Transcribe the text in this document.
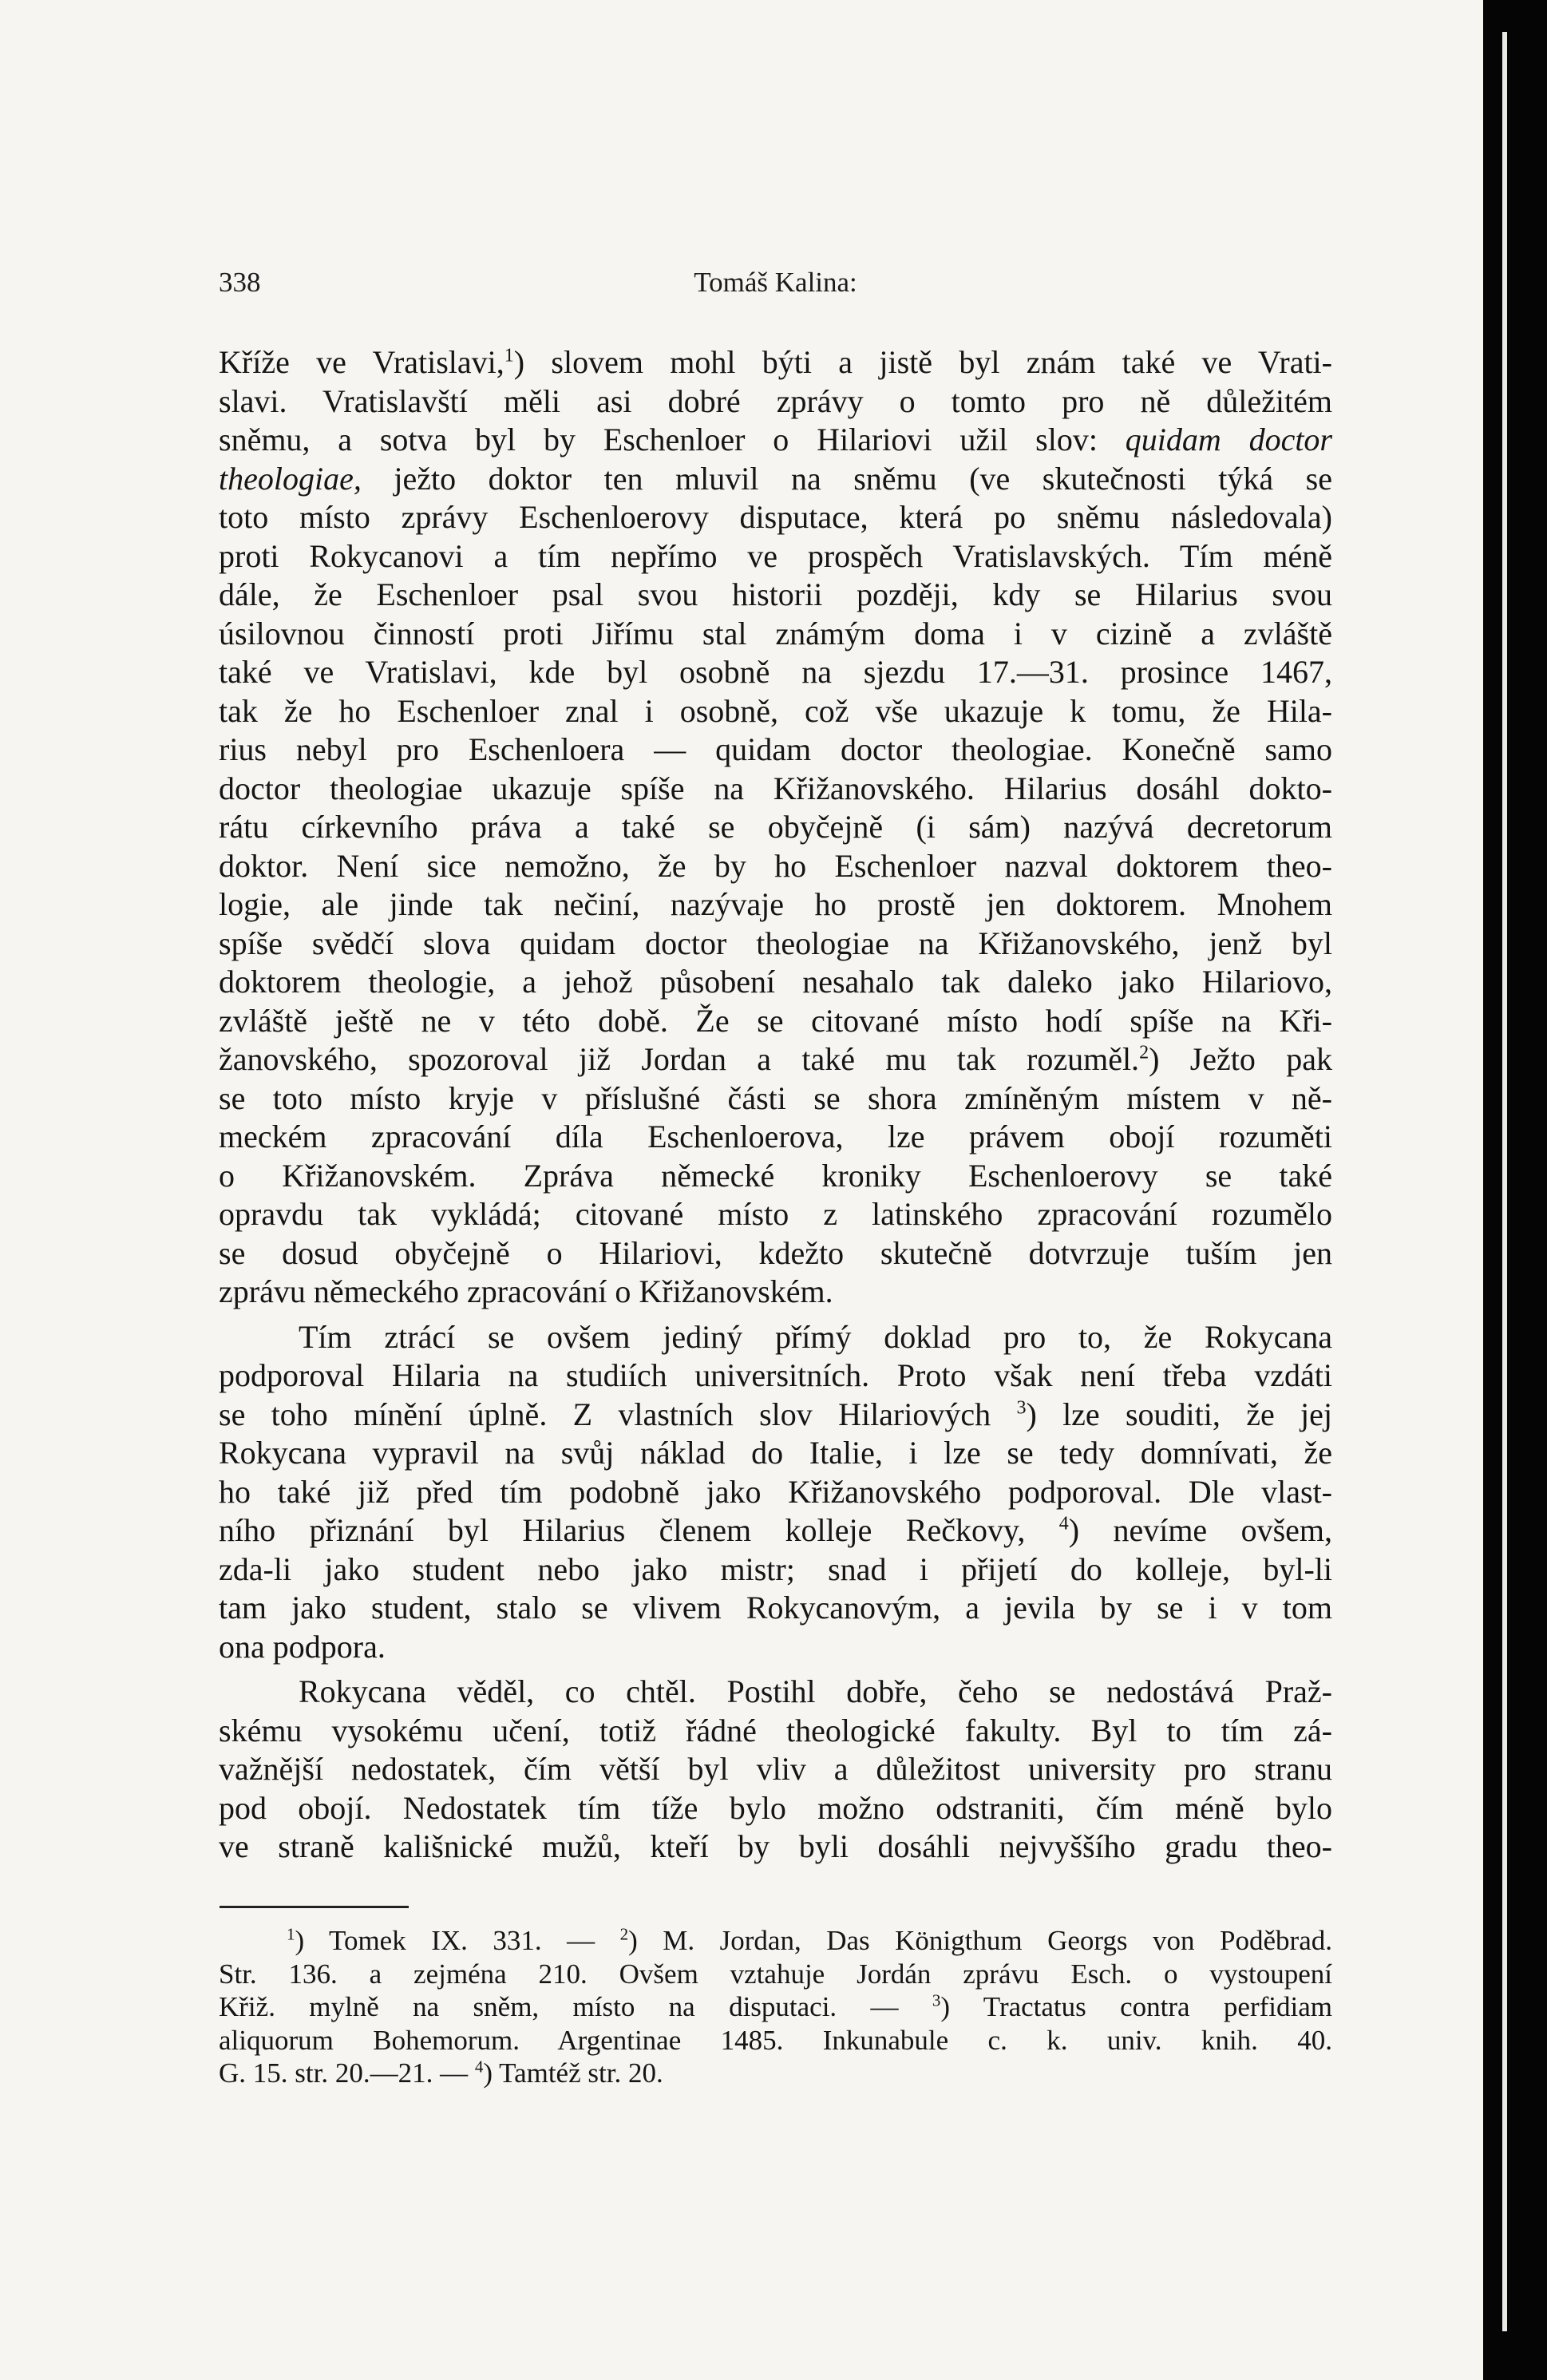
338	Tomáš Kalina:
Kříže ve Vratislavi,$^1$) slovem mohl býti a jistě byl znám také ve Vrati-
slavi. Vratislavští měli asi dobré zprávy o tomto pro ně důležitém
sněmu, a sotva byl by Eschenloer o Hilariovi užil slov: quidam doctor
theologiae, ježto doktor ten mluvil na sněmu (ve skutečnosti týká se
toto místo zprávy Eschenloerovy disputace, která po sněmu následovala)
proti Rokycanovi a tím nepřímo ve prospěch Vratislavských. Tím méně
dále, že Eschenloer psal svou historii později, kdy se Hilarius svou
úsilovnou činností proti Jiřímu stal známým doma i v cizině a zvláště
také ve Vratislavi, kde byl osobně na sjezdu 17.—31. prosince 1467,
tak že ho Eschenloer znal i osobně, což vše ukazuje k tomu, že Hila-
rius nebyl pro Eschenloera — quidam doctor theologiae. Konečně samo
doctor theologiae ukazuje spíše na Křižanovského. Hilarius dosáhl dokto-
rátu církevního práva a také se obyčejně (i sám) nazývá decretorum
doktor. Není sice nemožno, že by ho Eschenloer nazval doktorem theo-
logie, ale jinde tak nečiní, nazývaje ho prostě jen doktorem. Mnohem
spíše svědčí slova quidam doctor theologiae na Křižanovského, jenž byl
doktorem theologie, a jehož působení nesahalo tak daleko jako Hilariovo,
zvláště ještě ne v této době. Že se citované místo hodí spíše na Kři-
žanovského, spozoroval již Jordan a také mu tak rozuměl.$^2$) Ježto pak
se toto místo kryje v příslušné části se shora zmíněným místem v ně-
meckém zpracování díla Eschenloerova, lze právem obojí rozuměti
o Křižanovském. Zpráva německé kroniky Eschenloerovy se také
opravdu tak vykládá; citované místo z latinského zpracování rozumělo
se dosud obyčejně o Hilariovi, kdežto skutečně dotvrzuje tuším jen
zprávu německého zpracování o Křižanovském.
Tím ztrácí se ovšem jediný přímý doklad pro to, že Rokycana
podporoval Hilaria na studiích universitních. Proto však není třeba vzdáti
se toho mínění úplně. Z vlastních slov Hilariových $^3$) lze souditi, že jej
Rokycana vypravil na svůj náklad do Italie, i lze se tedy domnívati, že
ho také již před tím podobně jako Křižanovského podporoval. Dle vlast-
ního přiznání byl Hilarius členem kolleje Rečkovy, $^4$) nevíme ovšem,
zda-li jako student nebo jako mistr; snad i přijetí do kolleje, byl-li
tam jako student, stalo se vlivem Rokycanovým, a jevila by se i v tom
ona podpora.
Rokycana věděl, co chtěl. Postihl dobře, čeho se nedostává Praž-
skému vysokému učení, totiž řádné theologické fakulty. Byl to tím zá-
važnější nedostatek, čím větší byl vliv a důležitost university pro stranu
pod obojí. Nedostatek tím tíže bylo možno odstraniti, čím méně bylo
ve straně kališnické mužů, kteří by byli dosáhli nejvyššího gradu theo-
$^1$) Tomek IX. 331. — $^2$) M. Jordan, Das Königthum Georgs von Poděbrad.
Str. 136. a zejména 210. Ovšem vztahuje Jordán zprávu Esch. o vystoupení
Křiž. mylně na sněm, místo na disputaci. — $^3$) Tractatus contra perfidiam
aliquorum Bohemorum. Argentinae 1485. Inkunabule c. k. univ. knih. 40.
G. 15. str. 20.—21. — $^4$) Tamtéž str. 20.
